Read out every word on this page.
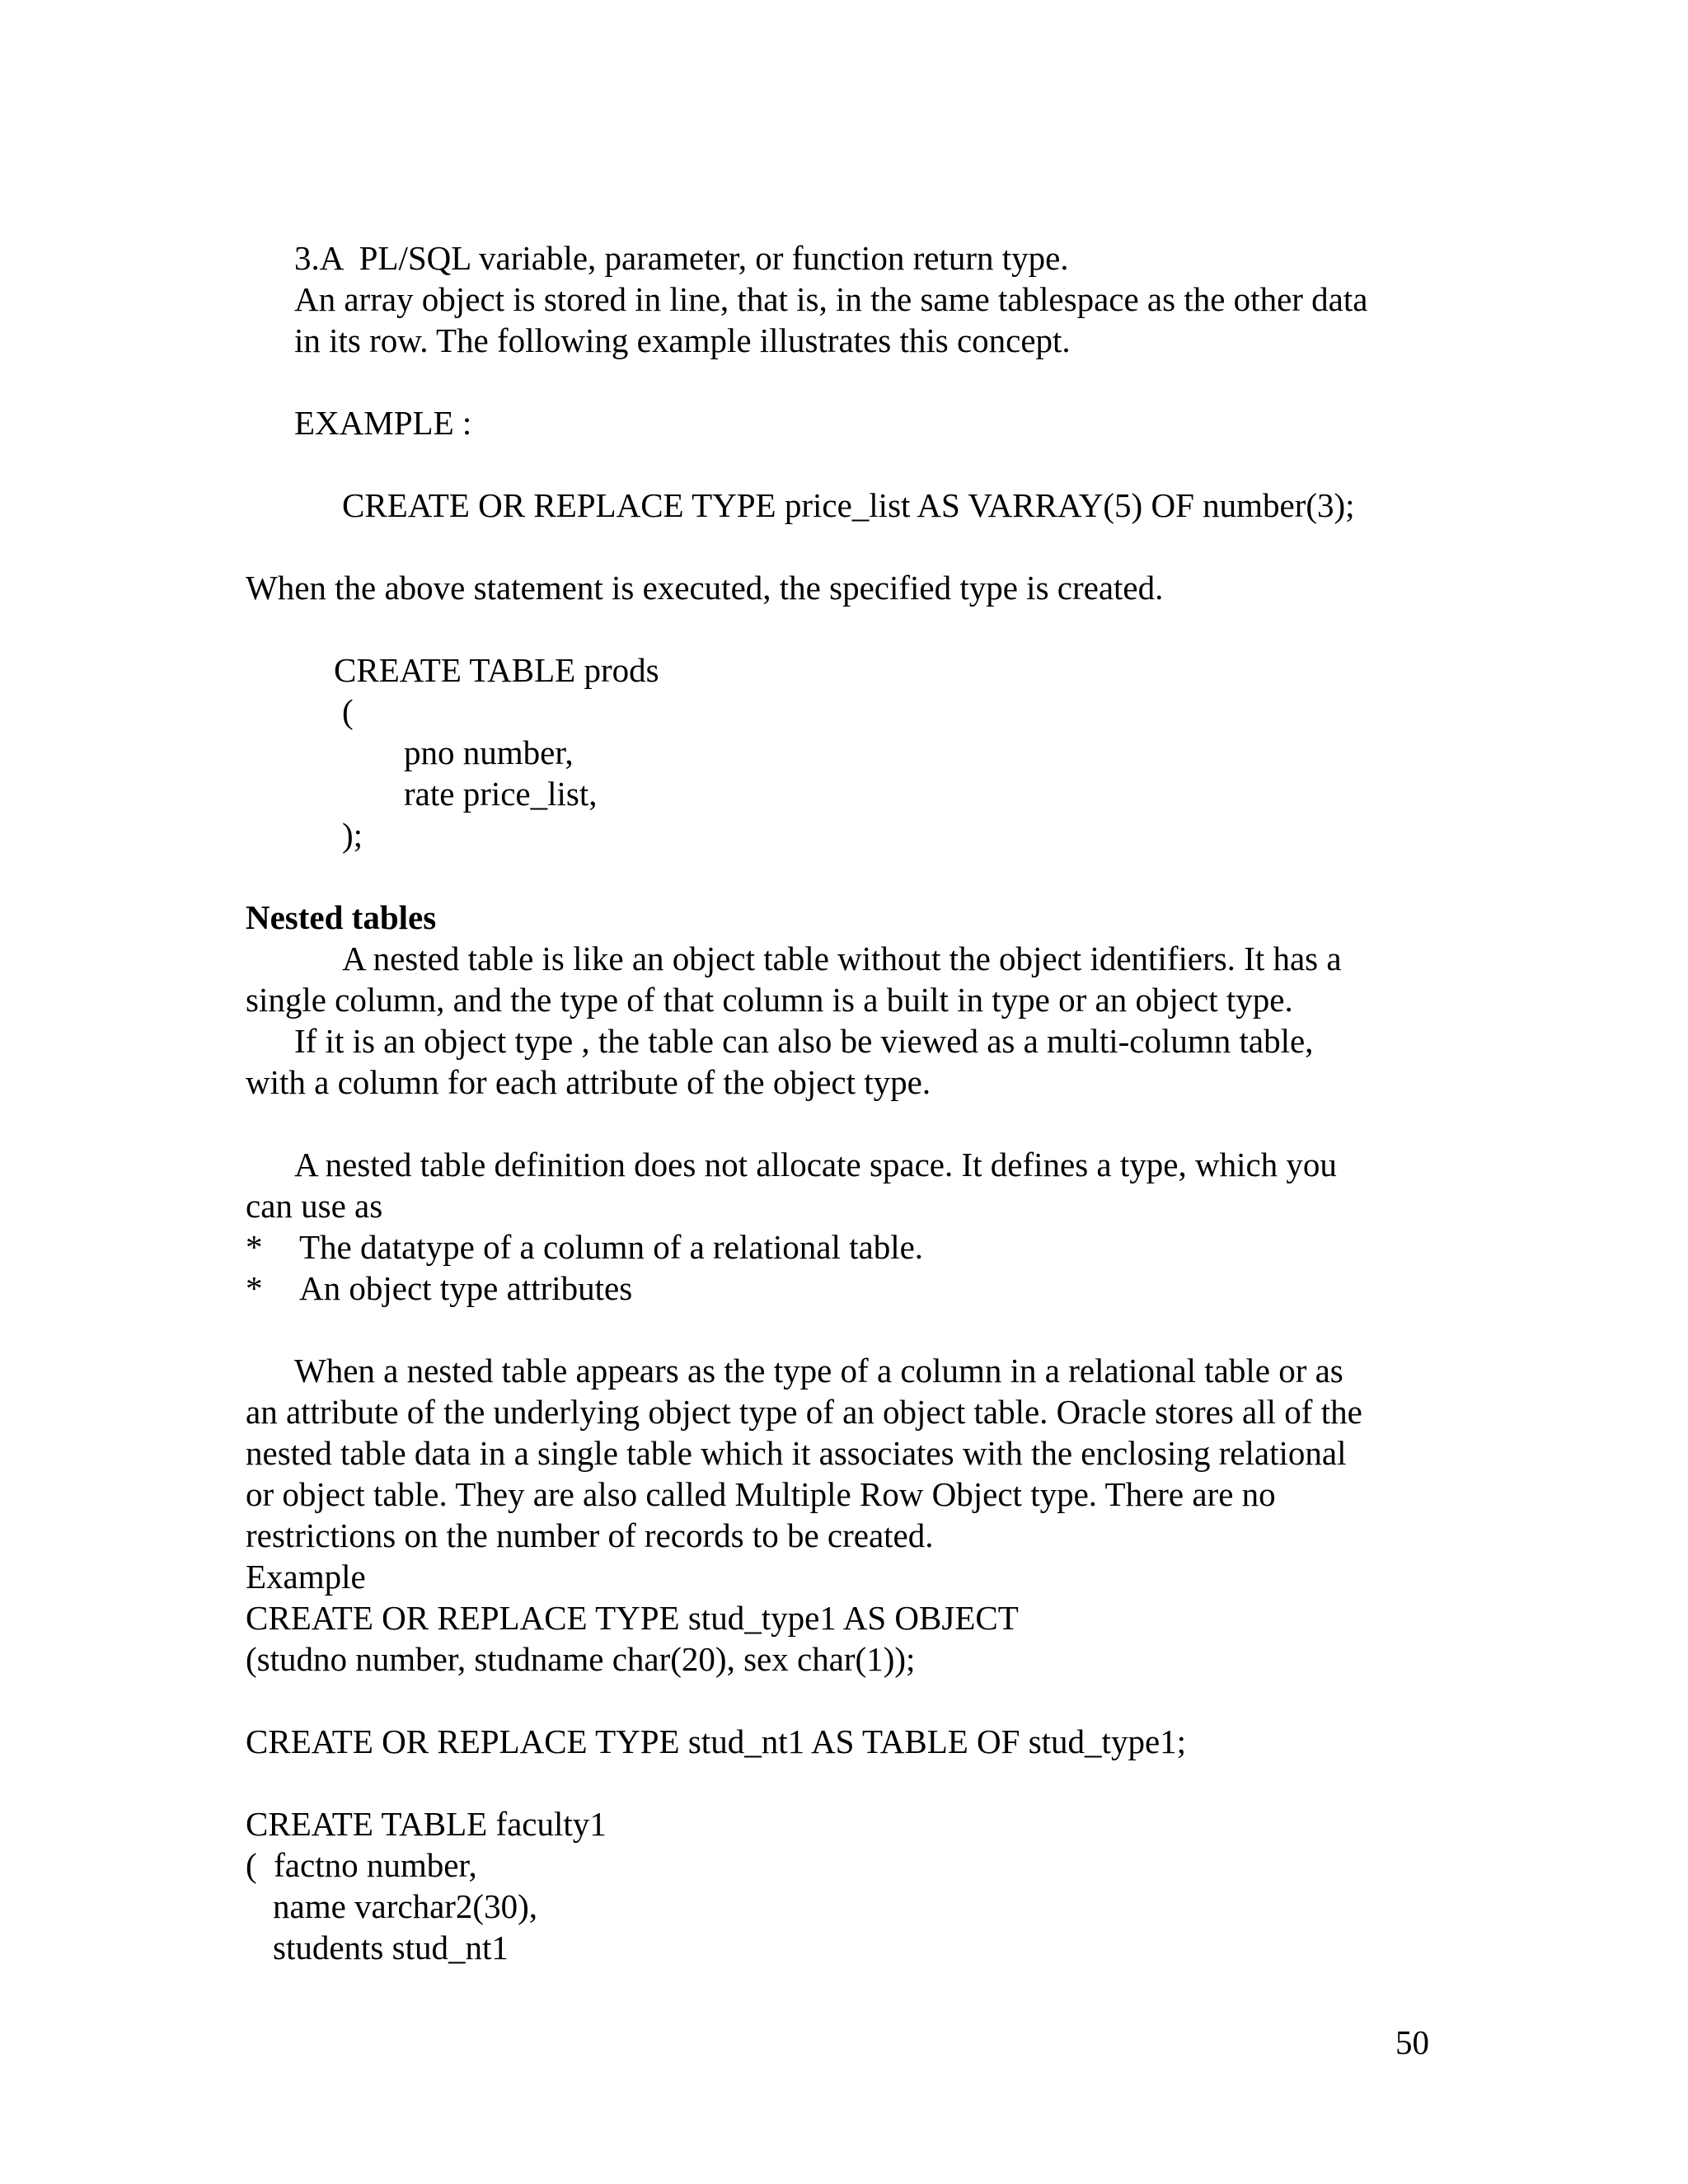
3.A  PL/SQL variable, parameter, or function return type.

An array object is stored in line, that is, in the same tablespace as the other data

in its row. The following example illustrates this concept.

EXAMPLE :

CREATE OR REPLACE TYPE price_list AS VARRAY(5) OF number(3);

When the above statement is executed, the specified type is created.

CREATE TABLE prods

(

pno number,

rate price_list,

);

Nested tables

A nested table is like an object table without the object identifiers. It has a

single column, and the type of that column is a built in type or an object type.

If it is an object type , the table can also be viewed as a multi-column table,

with a column for each attribute of the object type.

A nested table definition does not allocate space. It defines a type, which you

can use as

* The datatype of a column of a relational table.

* An object type attributes

When a nested table appears as the type of a column in a relational table or as

an attribute of the underlying object type of an object table. Oracle stores all of the

nested table data in a single table which it associates with the enclosing relational

or object table. They are also called Multiple Row Object type. There are no

restrictions on the number of records to be created.

Example

CREATE OR REPLACE TYPE stud_type1 AS OBJECT

(studno number, studname char(20), sex char(1));

CREATE OR REPLACE TYPE stud_nt1 AS TABLE OF stud_type1;

CREATE TABLE faculty1

(  factno number,

name varchar2(30),

students stud_nt1

50
